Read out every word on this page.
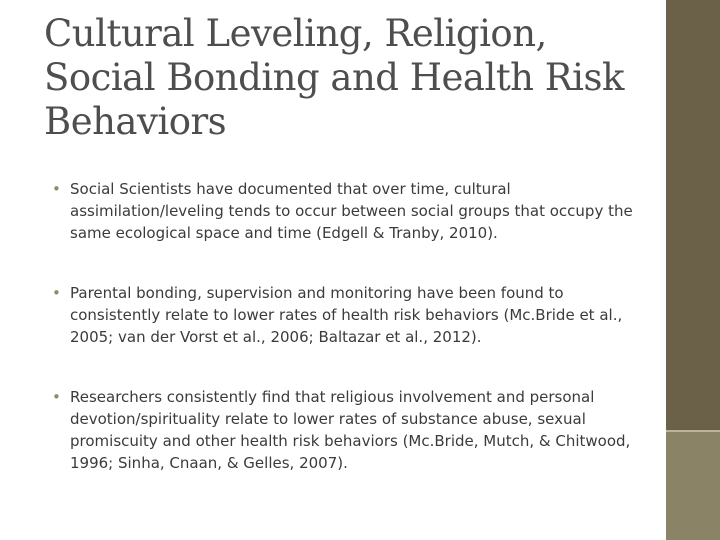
Cultural Leveling, Religion, Social Bonding and Health Risk Behaviors
• Social Scientists have documented that over time, cultural assimilation/leveling tends to occur between social groups that occupy the same ecological space and time (Edgell & Tranby, 2010).
• Parental bonding, supervision and monitoring have been found to consistently relate to lower rates of health risk behaviors (Mc.Bride et al., 2005; van der Vorst et al., 2006; Baltazar et al., 2012).
• Researchers consistently find that religious involvement and personal devotion/spirituality relate to lower rates of substance abuse, sexual promiscuity and other health risk behaviors (Mc.Bride, Mutch, & Chitwood, 1996; Sinha, Cnaan, & Gelles, 2007).
